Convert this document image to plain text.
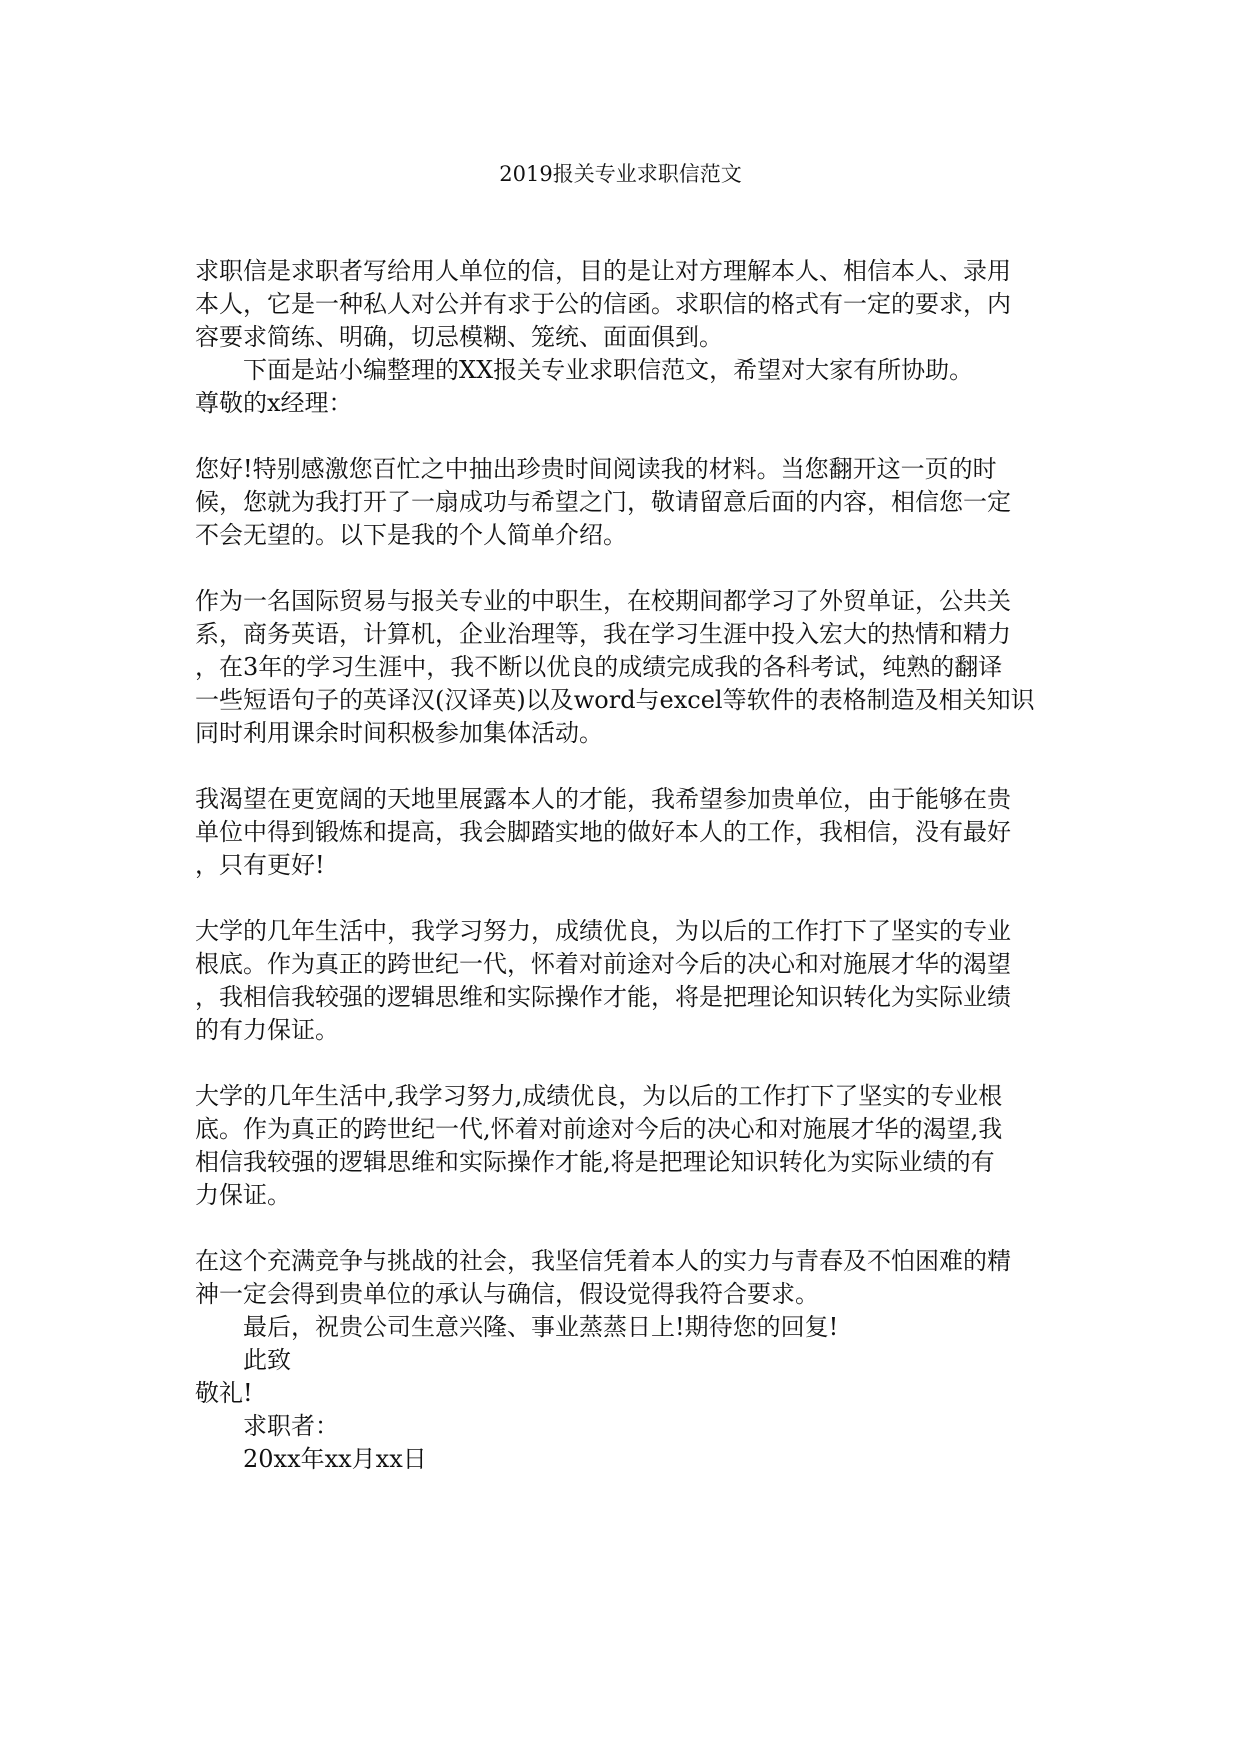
2019报关专业求职信范文

求职信是求职者写给用人单位的信，目的是让对方理解本人、相信本人、录用

本人，它是一种私人对公并有求于公的信函。求职信的格式有一定的要求，内

容要求简练、明确，切忌模糊、笼统、面面俱到。

下面是站小编整理的XX报关专业求职信范文，希望对大家有所协助。

尊敬的x经理：

您好!特别感激您百忙之中抽出珍贵时间阅读我的材料。当您翻开这一页的时

候，您就为我打开了一扇成功与希望之门，敬请留意后面的内容，相信您一定

不会无望的。以下是我的个人简单介绍。

作为一名国际贸易与报关专业的中职生，在校期间都学习了外贸单证，公共关

系，商务英语，计算机，企业治理等，我在学习生涯中投入宏大的热情和精力

，在3年的学习生涯中，我不断以优良的成绩完成我的各科考试，纯熟的翻译

一些短语句子的英译汉(汉译英)以及word与excel等软件的表格制造及相关知识

同时利用课余时间积极参加集体活动。

我渴望在更宽阔的天地里展露本人的才能，我希望参加贵单位，由于能够在贵

单位中得到锻炼和提高，我会脚踏实地的做好本人的工作，我相信，没有最好

，只有更好!

大学的几年生活中，我学习努力，成绩优良，为以后的工作打下了坚实的专业

根底。作为真正的跨世纪一代，怀着对前途对今后的决心和对施展才华的渴望

，我相信我较强的逻辑思维和实际操作才能，将是把理论知识转化为实际业绩

的有力保证。

大学的几年生活中,我学习努力,成绩优良，为以后的工作打下了坚实的专业根

底。作为真正的跨世纪一代,怀着对前途对今后的决心和对施展才华的渴望,我

相信我较强的逻辑思维和实际操作才能,将是把理论知识转化为实际业绩的有

力保证。

在这个充满竞争与挑战的社会，我坚信凭着本人的实力与青春及不怕困难的精

神一定会得到贵单位的承认与确信，假设觉得我符合要求。

最后，祝贵公司生意兴隆、事业蒸蒸日上!期待您的回复!

此致

敬礼!

求职者：

20xx年xx月xx日
